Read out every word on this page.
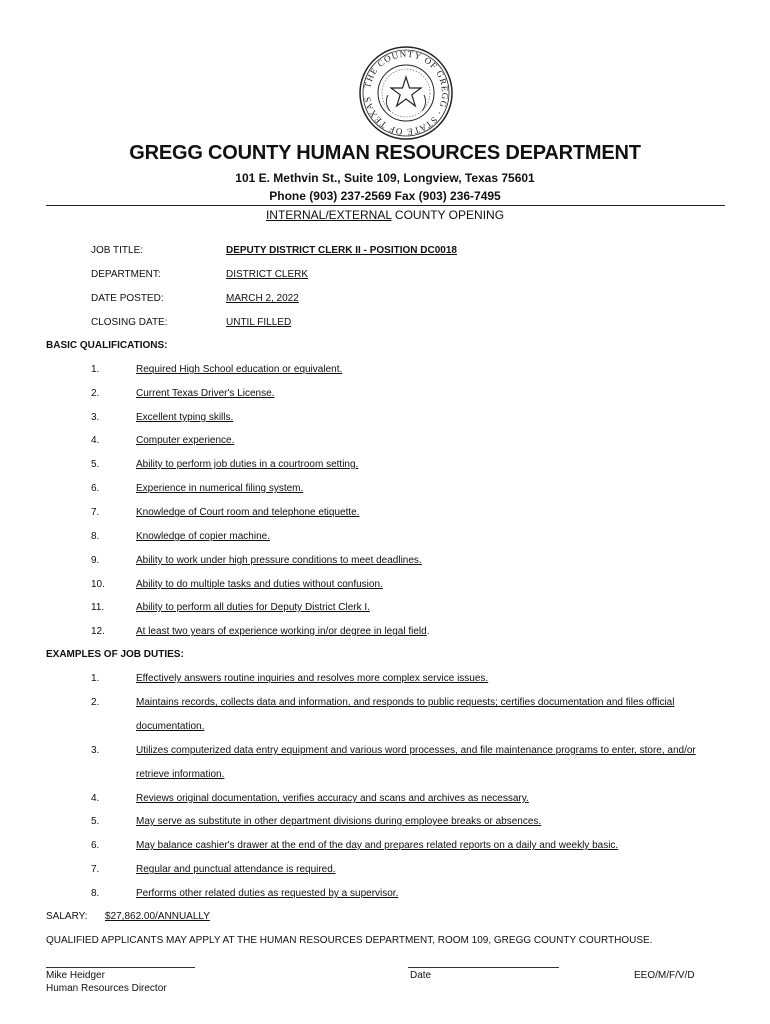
THE COUNTY OF GREGG · STATE OF TEXAS
GREGG COUNTY HUMAN RESOURCES DEPARTMENT
101 E. Methvin St., Suite 109, Longview, Texas 75601
Phone (903) 237-2569 Fax (903) 236-7495
INTERNAL/EXTERNAL COUNTY OPENING
JOB TITLE:	DEPUTY DISTRICT CLERK II - POSITION DC0018
DEPARTMENT:	DISTRICT CLERK
DATE POSTED:	MARCH 2, 2022
CLOSING DATE:	UNTIL FILLED
BASIC QUALIFICATIONS:
1.	Required High School education or equivalent.
2.	Current Texas Driver's License.
3.	Excellent typing skills.
4.	Computer experience.
5.	Ability to perform job duties in a courtroom setting.
6.	Experience in numerical filing system.
7.	Knowledge of Court room and telephone etiquette.
8.	Knowledge of copier machine.
9.	Ability to work under high pressure conditions to meet deadlines.
10.	Ability to do multiple tasks and duties without confusion.
11.	Ability to perform all duties for Deputy District Clerk I.
12.	At least two years of experience working in/or degree in legal field.
EXAMPLES OF JOB DUTIES:
1.	Effectively answers routine inquiries and resolves more complex service issues.
2.	Maintains records, collects data and information, and responds to public requests; certifies documentation and files official
documentation.
3.	Utilizes computerized data entry equipment and various word processes, and file maintenance programs to enter, store, and/or
retrieve information.
4.	Reviews original documentation, verifies accuracy and scans and archives as necessary.
5.	May serve as substitute in other department divisions during employee breaks or absences.
6.	May balance cashier's drawer at the end of the day and prepares related reports on a daily and weekly basic.
7.	Regular and punctual attendance is required.
8.	Performs other related duties as requested by a supervisor.
SALARY: $27,862.00/ANNUALLY
QUALIFIED APPLICANTS MAY APPLY AT THE HUMAN RESOURCES DEPARTMENT, ROOM 109, GREGG COUNTY COURTHOUSE.
Mike Heidger
Human Resources Director
Date	EEO/M/F/V/D
